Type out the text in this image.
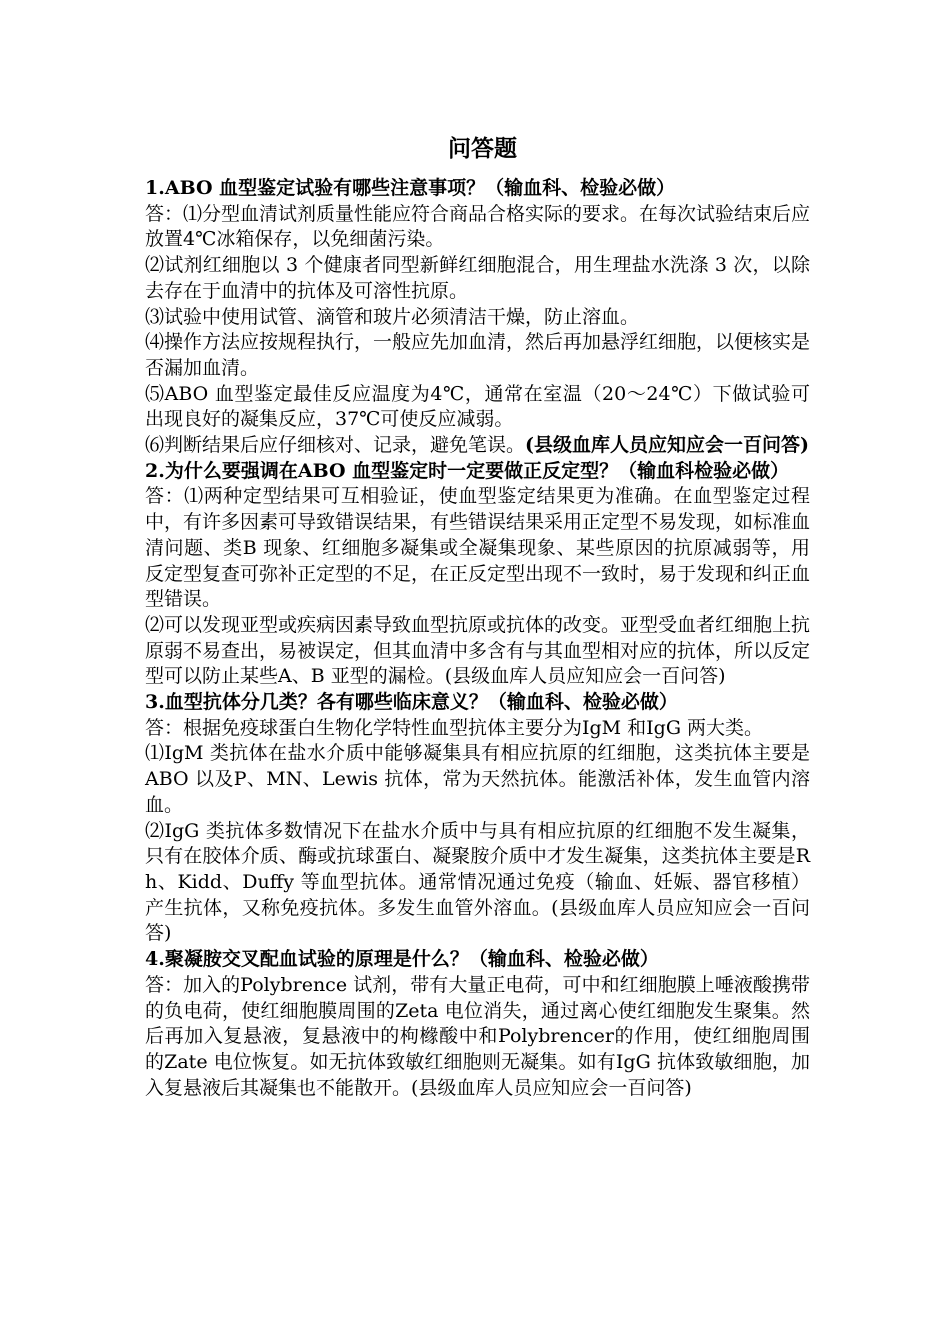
问答题

1.ABO 血型鉴定试验有哪些注意事项？（输血科、检验必做）

答：⑴分型血清试剂质量性能应符合商品合格实际的要求。在每次试验结束后应放置4℃冰箱保存，以免细菌污染。

⑵试剂红细胞以 3 个健康者同型新鲜红细胞混合，用生理盐水洗涤 3 次，以除去存在于血清中的抗体及可溶性抗原。

⑶试验中使用试管、滴管和玻片必须清洁干燥，防止溶血。

⑷操作方法应按规程执行，一般应先加血清，然后再加悬浮红细胞，以便核实是否漏加血清。

⑸ABO 血型鉴定最佳反应温度为4℃，通常在室温（20～24℃）下做试验可出现良好的凝集反应，37℃可使反应减弱。

⑹判断结果后应仔细核对、记录，避免笔误。(县级血库人员应知应会一百问答)

2.为什么要强调在ABO 血型鉴定时一定要做正反定型？（输血科检验必做）

答：⑴两种定型结果可互相验证，使血型鉴定结果更为准确。在血型鉴定过程中，有许多因素可导致错误结果，有些错误结果采用正定型不易发现，如标准血清问题、类B 现象、红细胞多凝集或全凝集现象、某些原因的抗原减弱等，用反定型复查可弥补正定型的不足，在正反定型出现不一致时，易于发现和纠正血型错误。

⑵可以发现亚型或疾病因素导致血型抗原或抗体的改变。亚型受血者红细胞上抗原弱不易查出，易被误定，但其血清中多含有与其血型相对应的抗体，所以反定型可以防止某些A、B 亚型的漏检。(县级血库人员应知应会一百问答)

3.血型抗体分几类？各有哪些临床意义？（输血科、检验必做）

答：根据免疫球蛋白生物化学特性血型抗体主要分为IgM 和IgG 两大类。

⑴IgM 类抗体在盐水介质中能够凝集具有相应抗原的红细胞，这类抗体主要是ABO 以及P、MN、Lewis 抗体，常为天然抗体。能激活补体，发生血管内溶血。

⑵IgG 类抗体多数情况下在盐水介质中与具有相应抗原的红细胞不发生凝集，只有在胶体介质、酶或抗球蛋白、凝聚胺介质中才发生凝集，这类抗体主要是Rh、Kidd、Duffy 等血型抗体。通常情况通过免疫（输血、妊娠、器官移植）产生抗体，又称免疫抗体。多发生血管外溶血。(县级血库人员应知应会一百问答)

4.聚凝胺交叉配血试验的原理是什么？（输血科、检验必做）

答：加入的Polybrence 试剂，带有大量正电荷，可中和红细胞膜上唾液酸携带的负电荷，使红细胞膜周围的Zeta 电位消失，通过离心使红细胞发生聚集。然后再加入复悬液，复悬液中的枸橼酸中和Polybrencer的作用，使红细胞周围的Zate 电位恢复。如无抗体致敏红细胞则无凝集。如有IgG 抗体致敏细胞，加入复悬液后其凝集也不能散开。(县级血库人员应知应会一百问答)
